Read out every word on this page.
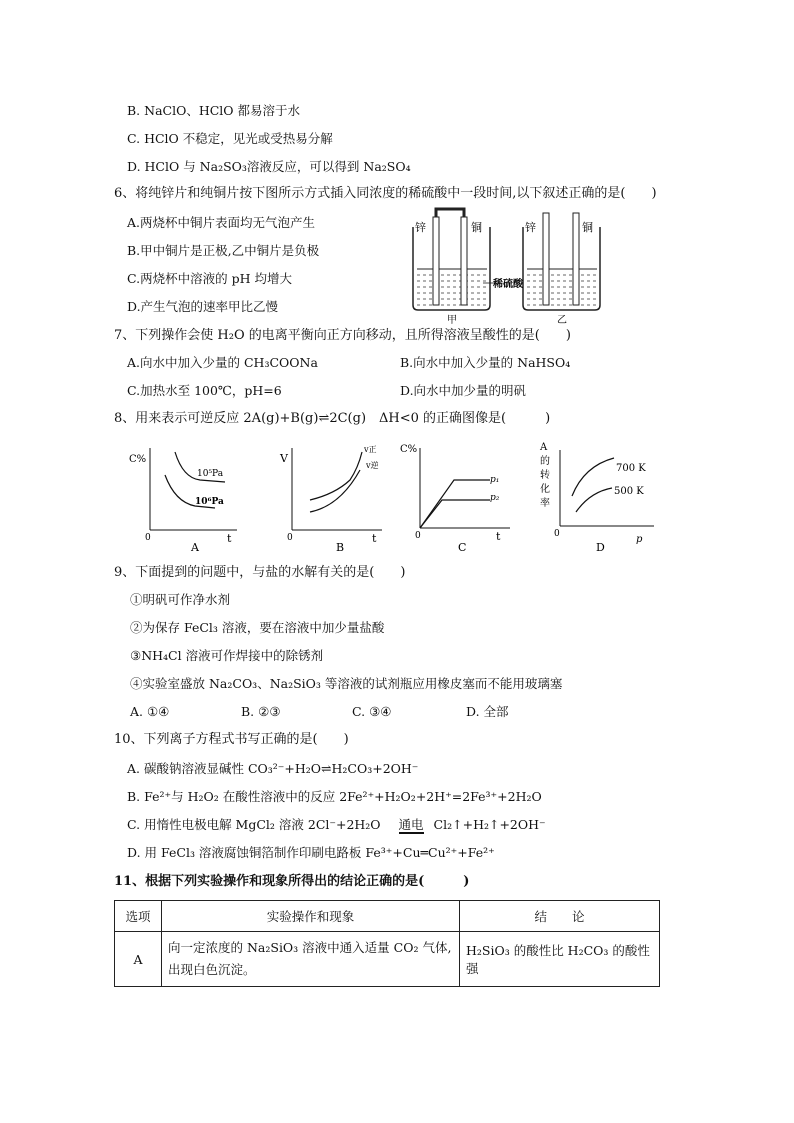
B. NaClO、HClO 都易溶于水
C. HClO 不稳定，见光或受热易分解
D. HClO 与 Na₂SO₃溶液反应，可以得到 Na₂SO₄
6、将纯锌片和纯铜片按下图所示方式插入同浓度的稀硫酸中一段时间,以下叙述正确的是(　　)
A.两烧杯中铜片表面均无气泡产生
B.甲中铜片是正极,乙中铜片是负极
C.两烧杯中溶液的 pH 均增大
D.产生气泡的速率甲比乙慢
锌	铜	锌	铜
稀硫酸
甲	乙
7、下列操作会使 H₂O 的电离平衡向正方向移动，且所得溶液呈酸性的是(　　)
A.向水中加入少量的 CH₃COONa	B.向水中加入少量的 NaHSO₄
C.加热水至 100℃，pH=6	D.向水中加少量的明矾
8、用来表示可逆反应 2A(g)+B(g)⇌2C(g)　ΔH<0 的正确图像是(　　　)
C%
t
0
10⁵Pa
10⁶Pa
A
V
t
0
v正
v逆
B
C%
t
0
p₁
p₂
C
A
的
转
化
率
p
0
700 K
500 K
D
9、下面提到的问题中，与盐的水解有关的是(　　)
①明矾可作净水剂
②为保存 FeCl₃ 溶液，要在溶液中加少量盐酸
③NH₄Cl 溶液可作焊接中的除锈剂
④实验室盛放 Na₂CO₃、Na₂SiO₃ 等溶液的试剂瓶应用橡皮塞而不能用玻璃塞
A. ①④	B. ②③	C. ③④	D. 全部
10、下列离子方程式书写正确的是(　　)
A. 碳酸钠溶液显碱性 CO₃²⁻+H₂O⇌H₂CO₃+2OH⁻
B. Fe²⁺与 H₂O₂ 在酸性溶液中的反应 2Fe²⁺+H₂O₂+2H⁺=2Fe³⁺+2H₂O
C. 用惰性电极电解 MgCl₂ 溶液 2Cl⁻+2H₂O 通电 Cl₂↑+H₂↑+2OH⁻
D. 用 FeCl₃ 溶液腐蚀铜箔制作印刷电路板 Fe³⁺+Cu═Cu²⁺+Fe²⁺
11、根据下列实验操作和现象所得出的结论正确的是(　　　)
选项	实验操作和现象	结　　论
A	向一定浓度的 Na₂SiO₃ 溶液中通入适量 CO₂ 气体,
出现白色沉淀。	H₂SiO₃ 的酸性比 H₂CO₃ 的酸性强
